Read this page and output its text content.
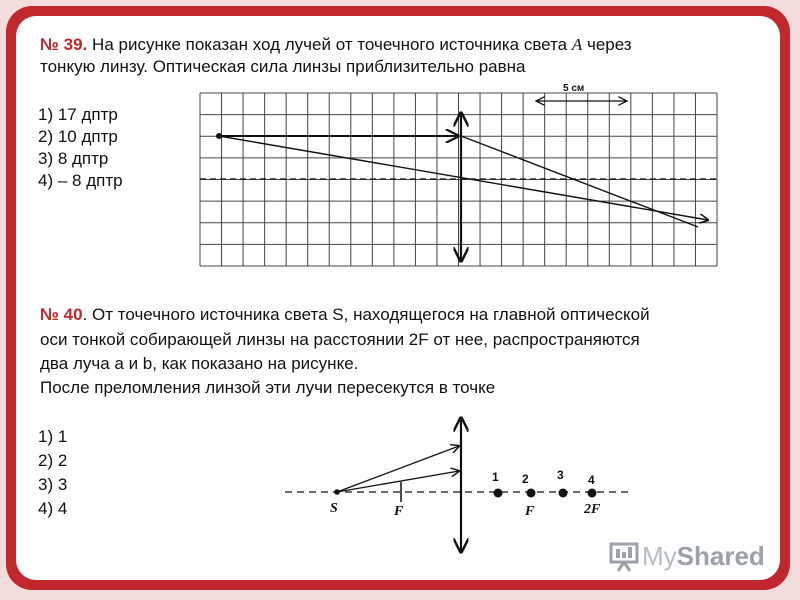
№ 39. На рисунке показан ход лучей от точечного источника света A через

тонкую линзу. Оптическая сила линзы приблизительно равна

1) 17 дптр
2) 10 дптр
3) 8 дптр
4) – 8 дптр

№ 40. От точечного источника света S, находящегося на главной оптической

оси тонкой собирающей линзы на расстоянии 2F от нее, распространяются

два луча а и b, как показано на рисунке.

После преломления линзой эти лучи пересекутся в точке

1) 1
2) 2
3) 3
4) 4
5 см
S	F
1 2 3 4
F	2F
MyShared
